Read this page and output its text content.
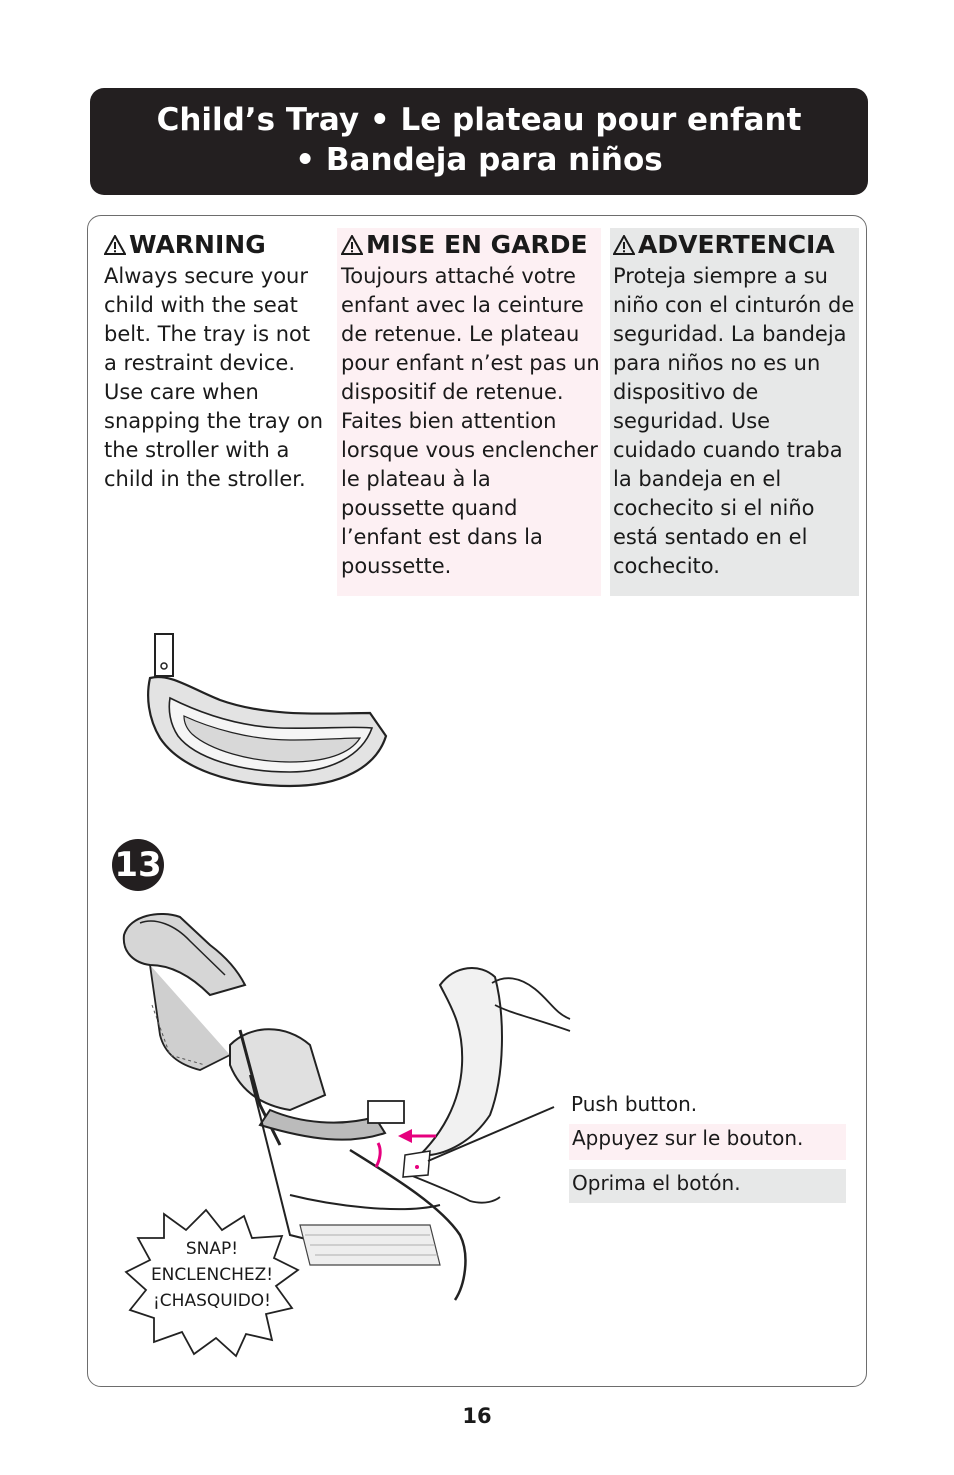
Child’s Tray • Le plateau pour enfant
• Bandeja para niños
WARNING

Always secure your child with the seat belt. The tray is not a restraint device. Use care when snapping the tray on the stroller with a child in the stroller.

MISE EN GARDE

Toujours attaché votre enfant avec la ceinture de retenue. Le plateau pour enfant n’est pas un dispositif de retenue. Faites bien attention lorsque vous enclencher le plateau à la poussette quand l’enfant est dans la poussette.

ADVERTENCIA

Proteja siempre a su niño con el cinturón de seguridad. La bandeja para niños no es un dispositivo de seguridad. Use cuidado cuando traba la bandeja en el cochecito si el niño está sentado en el cochecito.

13
Push button.
Appuyez sur le bouton.
Oprima el botón.
SNAP!
ENCLENCHEZ!
¡CHASQUIDO!
16
